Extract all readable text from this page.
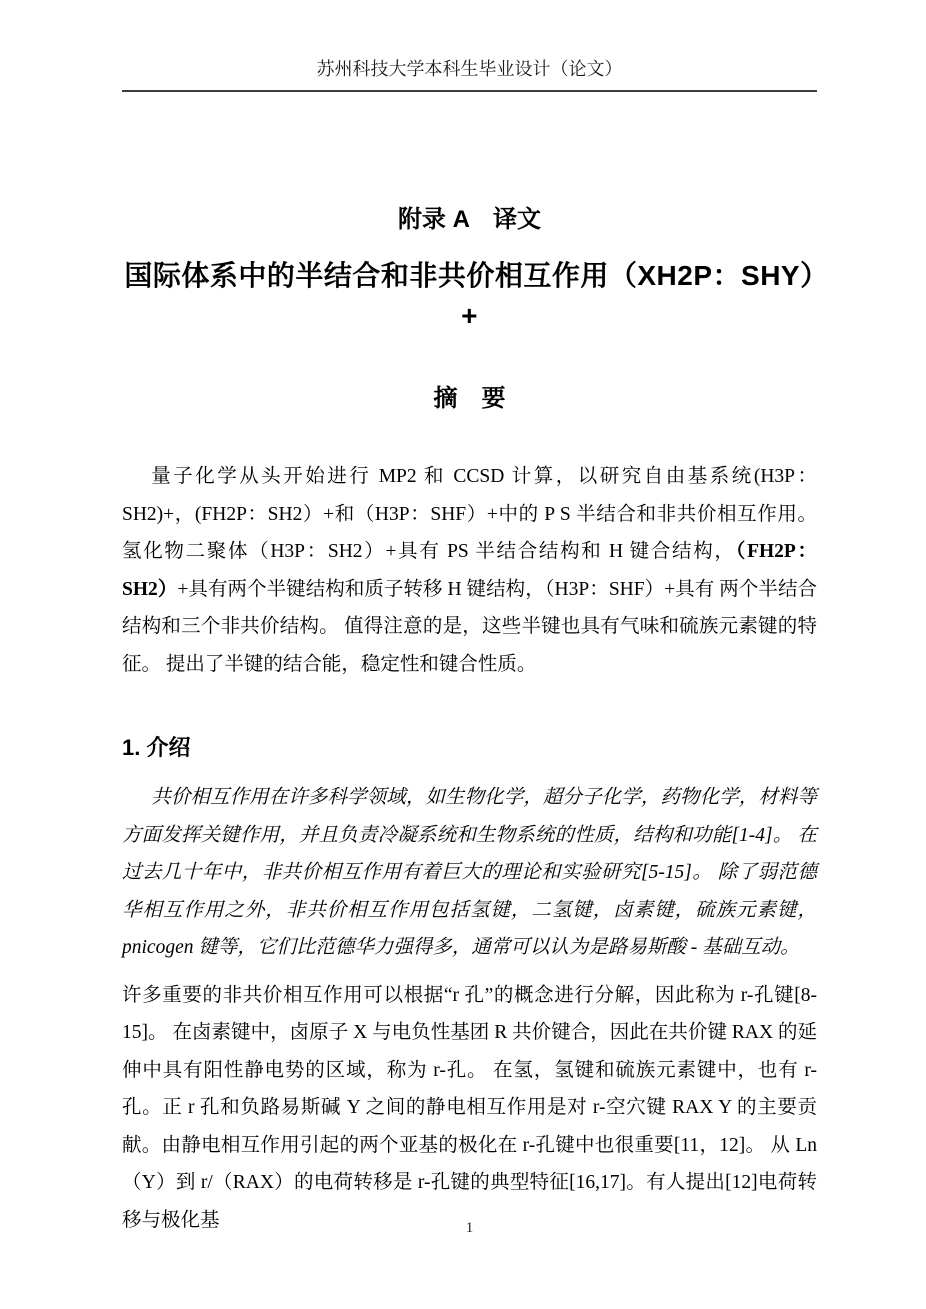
苏州科技大学本科生毕业设计（论文）
附录 A　译文
国际体系中的半结合和非共价相互作用（XH2P：SHY）+
摘　要

量子化学从头开始进行 MP2 和 CCSD 计算，以研究自由基系统(H3P：SH2)+，(FH2P：SH2）+和（H3P：SHF）+中的 P S 半结合和非共价相互作用。 氢化物二聚体（H3P：SH2）+具有 PS 半结合结构和 H 键合结构，（FH2P：SH2）+具有两个半键结构和质子转移 H 键结构，（H3P：SHF）+具有 两个半结合结构和三个非共价结构。 值得注意的是，这些半键也具有气味和硫族元素键的特征。 提出了半键的结合能，稳定性和键合性质。

1. 介绍

共价相互作用在许多科学领域，如生物化学，超分子化学，药物化学，材料等方面发挥关键作用，并且负责冷凝系统和生物系统的性质，结构和功能[1-4]。 在过去几十年中，非共价相互作用有着巨大的理论和实验研究[5-15]。 除了弱范德华相互作用之外，非共价相互作用包括氢键，二氢键，卤素键，硫族元素键，pnicogen 键等，它们比范德华力强得多，通常可以认为是路易斯酸 - 基础互动。

许多重要的非共价相互作用可以根据“r 孔”的概念进行分解，因此称为 r-孔键[8-15]。 在卤素键中，卤原子 X 与电负性基团 R 共价键合，因此在共价键 RAX 的延伸中具有阳性静电势的区域，称为 r-孔。 在氢，氢键和硫族元素键中，也有 r-孔。正 r 孔和负路易斯碱 Y 之间的静电相互作用是对 r-空穴键 RAX Y 的主要贡献。由静电相互作用引起的两个亚基的极化在 r-孔键中也很重要[11，12]。 从 Ln（Y）到 r/（RAX）的电荷转移是 r-孔键的典型特征[16,17]。有人提出[12]电荷转移与极化基	1
